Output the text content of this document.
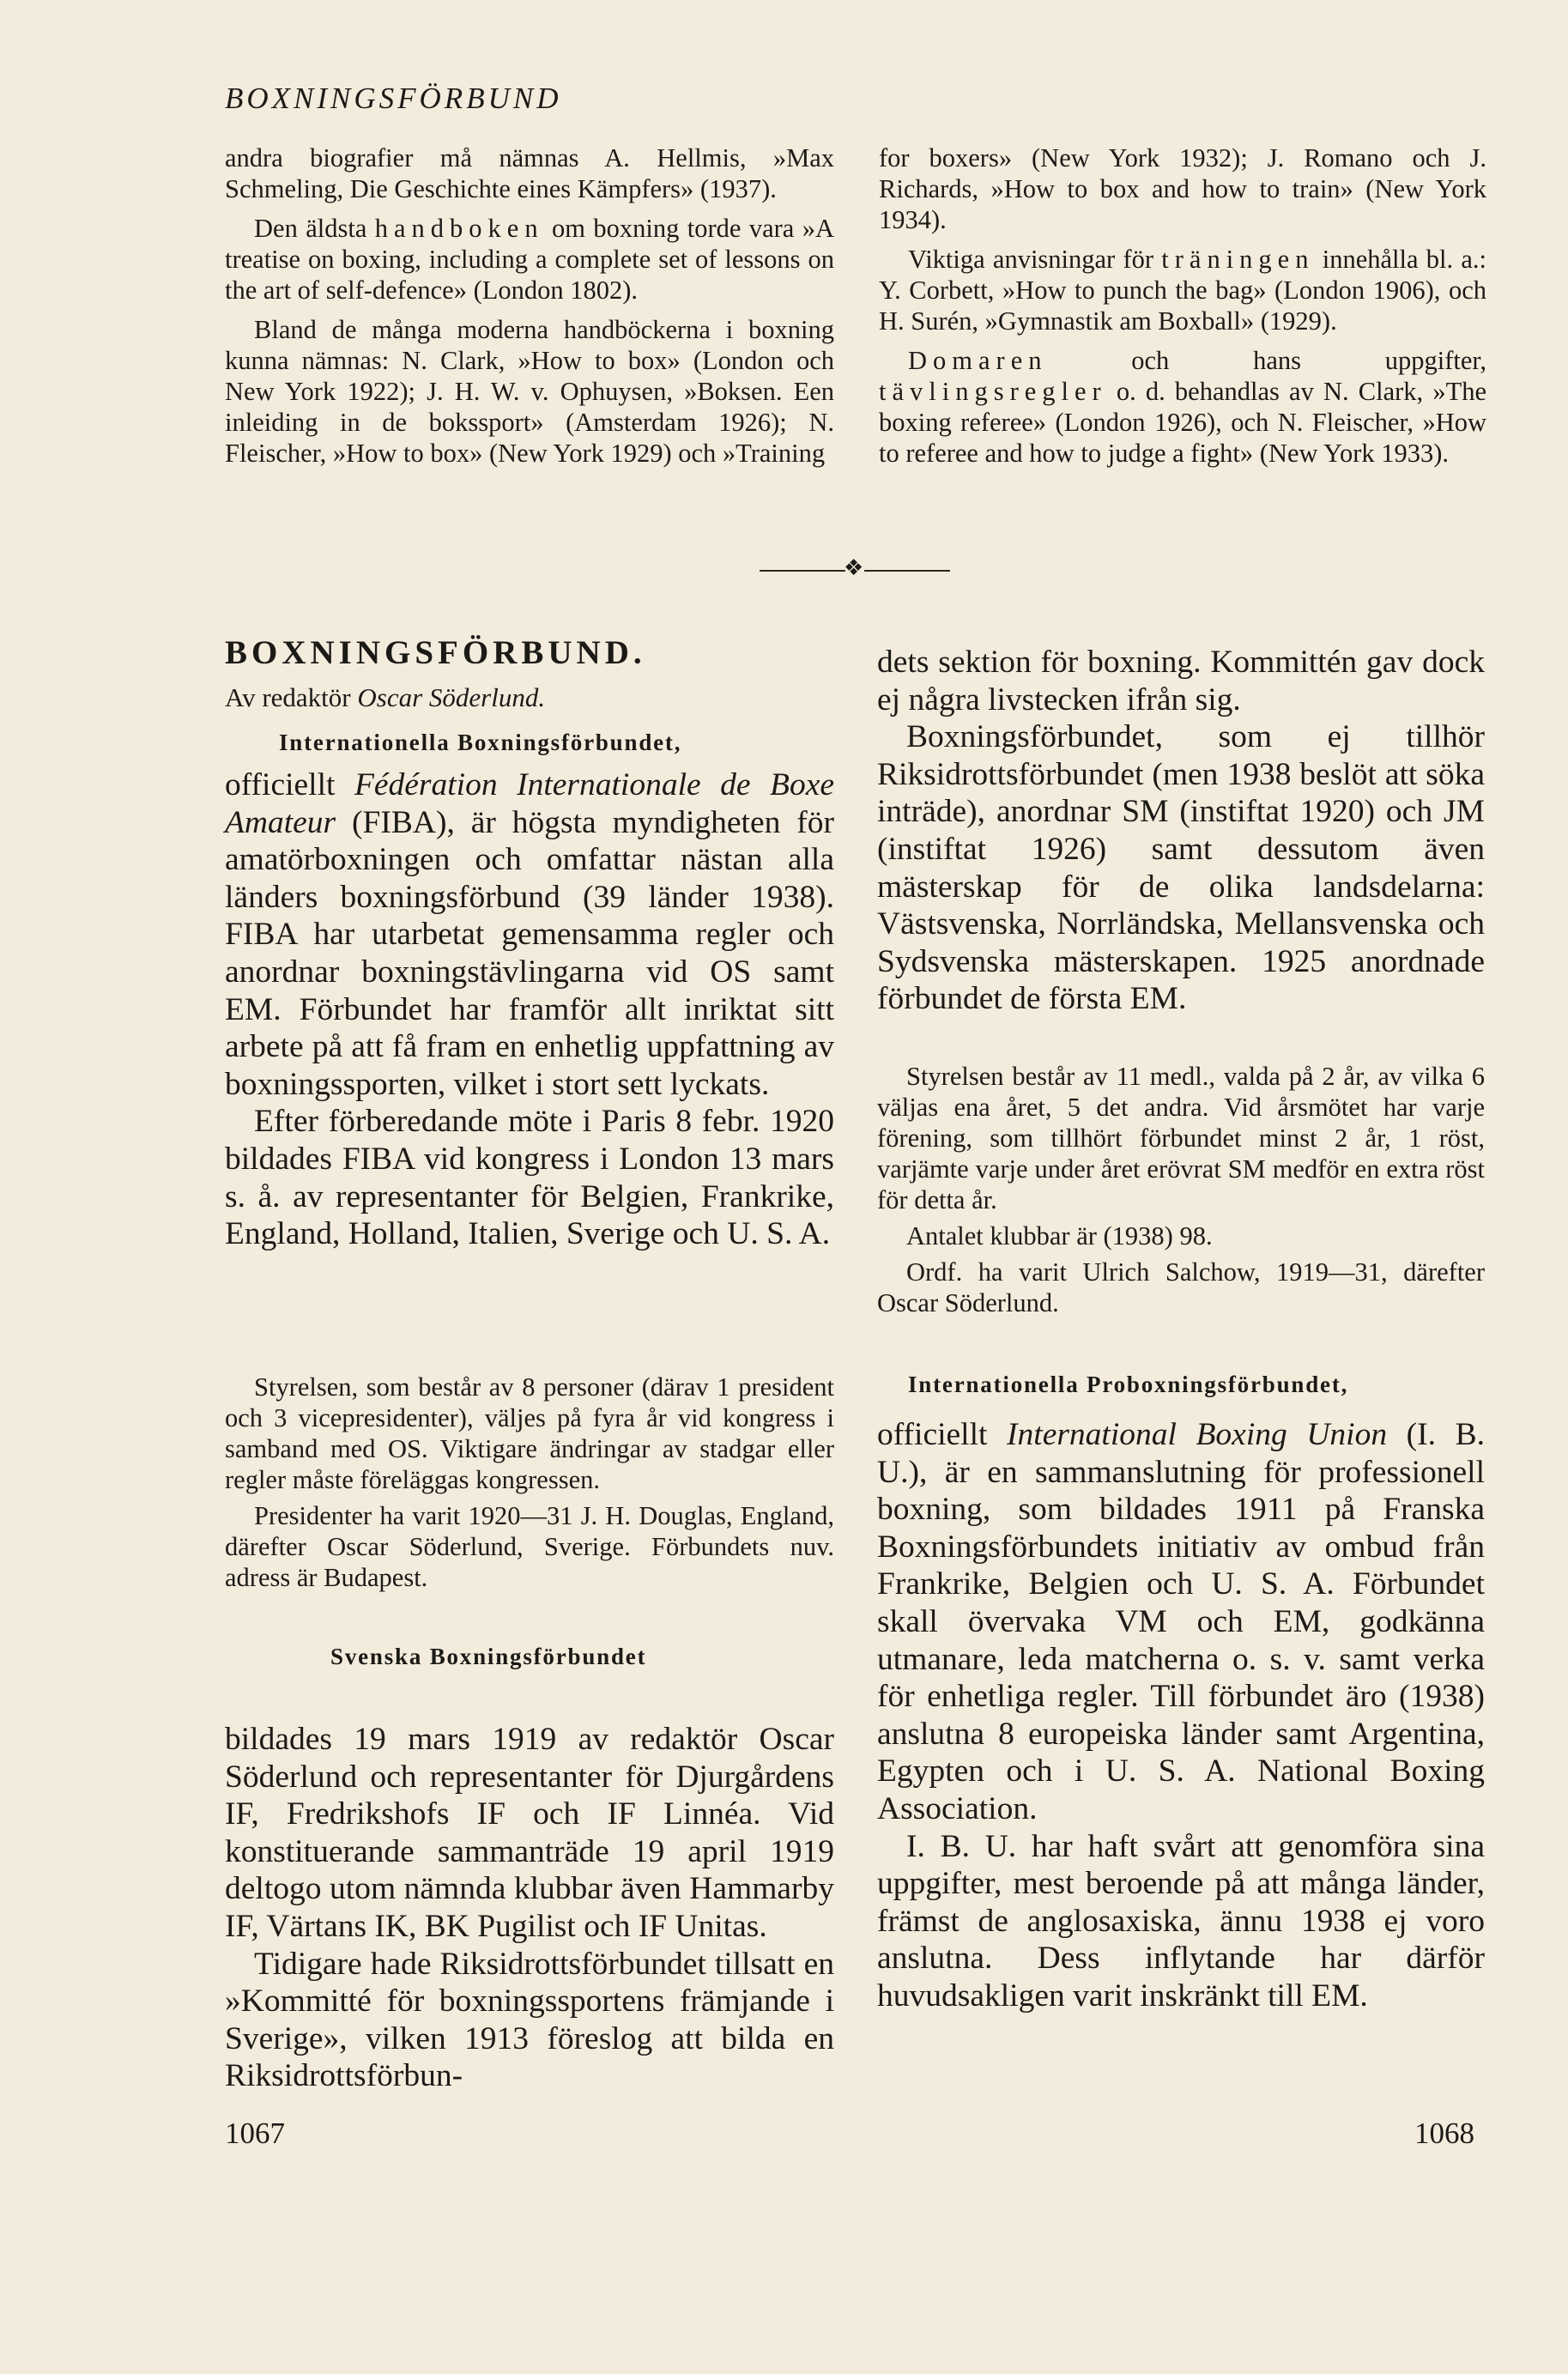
BOXNINGSFÖRBUND

andra biografier må nämnas A. Hellmis, »Max Schmeling, Die Geschichte eines Kämpfers» (1937).

Den äldsta handboken om boxning torde vara »A treatise on boxing, including a complete set of lessons on the art of self-defence» (London 1802).

Bland de många moderna handböckerna i boxning kunna nämnas: N. Clark, »How to box» (London och New York 1922); J. H. W. v. Ophuysen, »Boksen. Een inleiding in de bokssport» (Amsterdam 1926); N. Fleischer, »How to box» (New York 1929) och »Training

for boxers» (New York 1932); J. Romano och J. Richards, »How to box and how to train» (New York 1934).

Viktiga anvisningar för träningen innehålla bl. a.: Y. Corbett, »How to punch the bag» (London 1906), och H. Surén, »Gymnastik am Boxball» (1929).

Domaren och hans uppgifter, tävlingsregler o. d. behandlas av N. Clark, »The boxing referee» (London 1926), och N. Fleischer, »How to referee and how to judge a fight» (New York 1933).

❖
BOXNINGSFÖRBUND.

Av redaktör Oscar Söderlund.

Internationella Boxningsförbundet,

officiellt Fédération Internationale de Boxe Amateur (FIBA), är högsta myndigheten för amatörboxningen och omfattar nästan alla länders boxningsförbund (39 länder 1938). FIBA har utarbetat gemensamma regler och anordnar boxningstävlingarna vid OS samt EM. Förbundet har framför allt inriktat sitt arbete på att få fram en enhetlig uppfattning av boxningssporten, vilket i stort sett lyckats.

Efter förberedande möte i Paris 8 febr. 1920 bildades FIBA vid kongress i London 13 mars s. å. av representanter för Belgien, Frankrike, England, Holland, Italien, Sverige och U. S. A.

Styrelsen, som består av 8 personer (därav 1 president och 3 vicepresidenter), väljes på fyra år vid kongress i samband med OS. Viktigare ändringar av stadgar eller regler måste föreläggas kongressen.

Presidenter ha varit 1920—31 J. H. Douglas, England, därefter Oscar Söderlund, Sverige. Förbundets nuv. adress är Budapest.

Svenska Boxningsförbundet

bildades 19 mars 1919 av redaktör Oscar Söderlund och representanter för Djurgårdens IF, Fredrikshofs IF och IF Linnéa. Vid konstituerande sammanträde 19 april 1919 deltogo utom nämnda klubbar även Hammarby IF, Värtans IK, BK Pugilist och IF Unitas.

Tidigare hade Riksidrottsförbundet tillsatt en »Kommitté för boxningssportens främjande i Sverige», vilken 1913 föreslog att bilda en Riksidrottsförbun-

dets sektion för boxning. Kommittén gav dock ej några livstecken ifrån sig.

Boxningsförbundet, som ej tillhör Riksidrottsförbundet (men 1938 beslöt att söka inträde), anordnar SM (instiftat 1920) och JM (instiftat 1926) samt dessutom även mästerskap för de olika landsdelarna: Västsvenska, Norrländska, Mellansvenska och Sydsvenska mästerskapen. 1925 anordnade förbundet de första EM.

Styrelsen består av 11 medl., valda på 2 år, av vilka 6 väljas ena året, 5 det andra. Vid årsmötet har varje förening, som tillhört förbundet minst 2 år, 1 röst, varjämte varje under året erövrat SM medför en extra röst för detta år.

Antalet klubbar är (1938) 98.

Ordf. ha varit Ulrich Salchow, 1919—31, därefter Oscar Söderlund.

Internationella Proboxningsförbundet,

officiellt International Boxing Union (I. B. U.), är en sammanslutning för professionell boxning, som bildades 1911 på Franska Boxningsförbundets initiativ av ombud från Frankrike, Belgien och U. S. A. Förbundet skall övervaka VM och EM, godkänna utmanare, leda matcherna o. s. v. samt verka för enhetliga regler. Till förbundet äro (1938) anslutna 8 europeiska länder samt Argentina, Egypten och i U. S. A. National Boxing Association.

I. B. U. har haft svårt att genomföra sina uppgifter, mest beroende på att många länder, främst de anglosaxiska, ännu 1938 ej voro anslutna. Dess inflytande har därför huvudsakligen varit inskränkt till EM.

1067	1068
